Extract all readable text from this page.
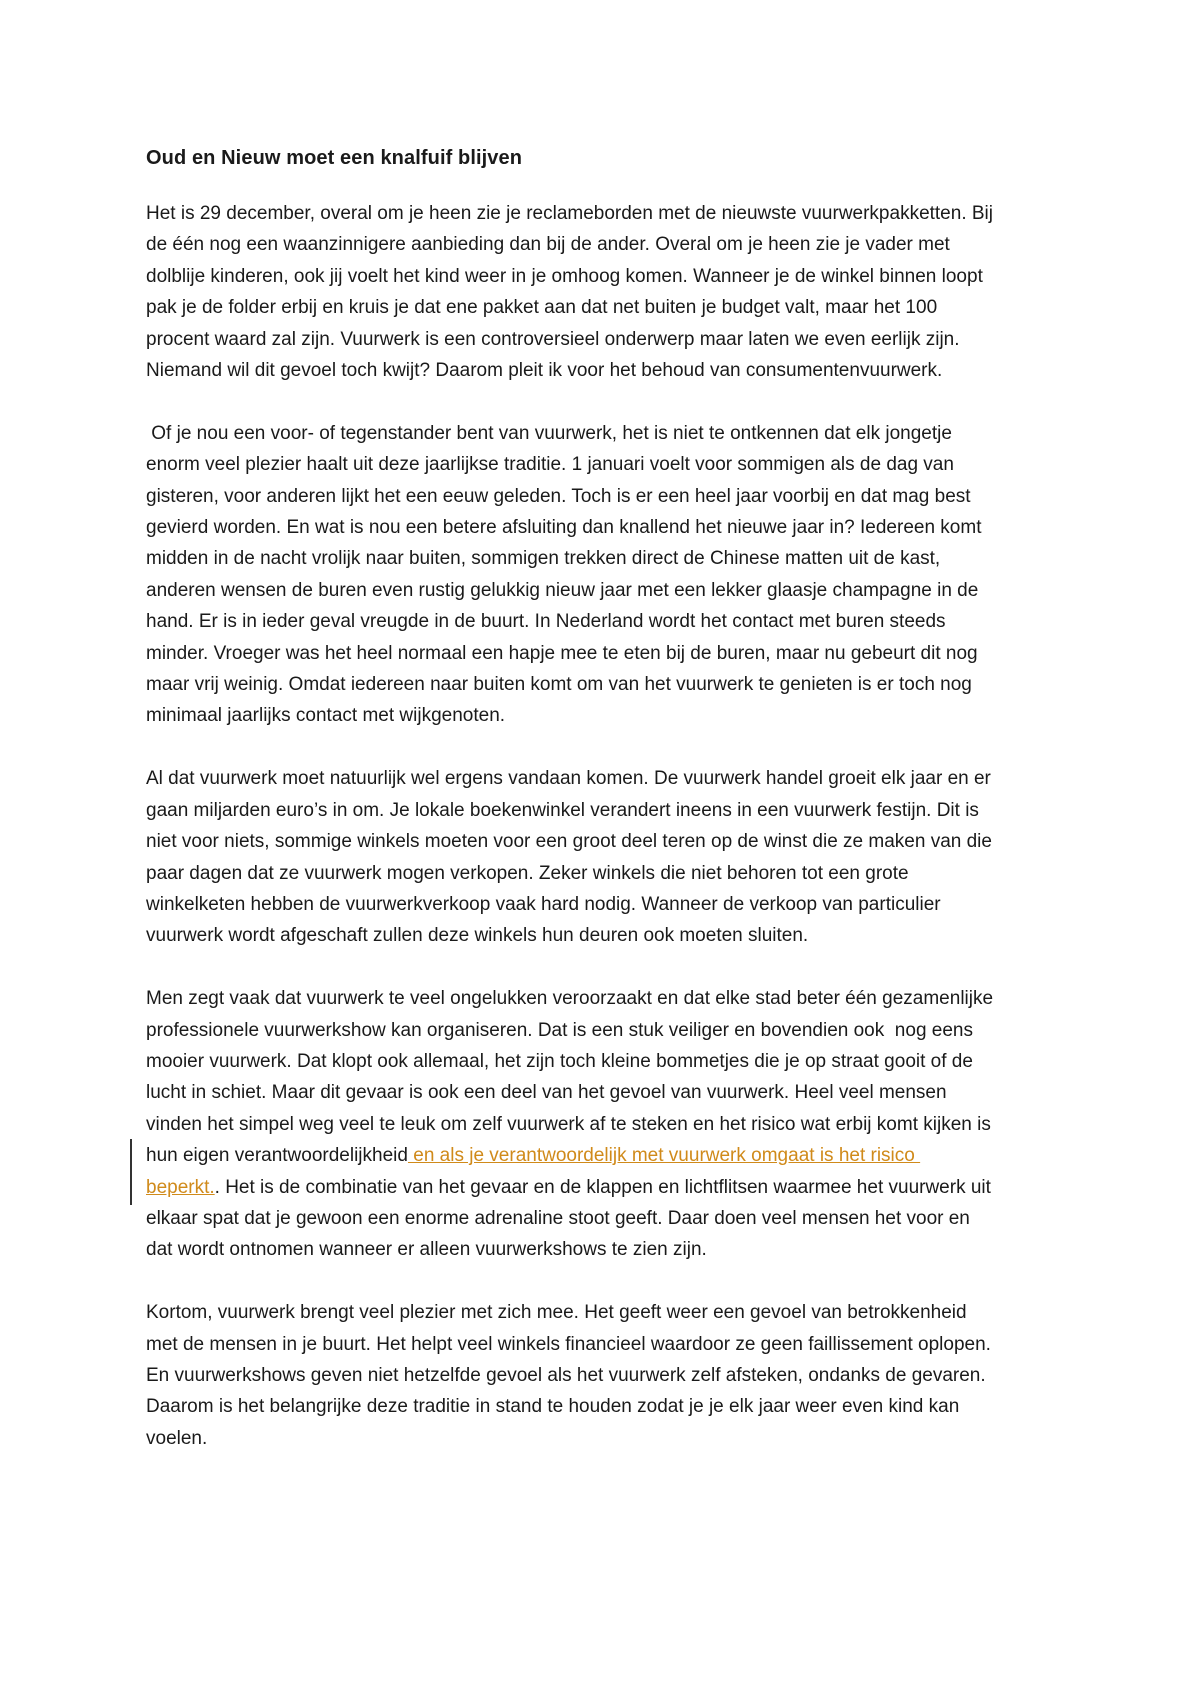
Oud en Nieuw moet een knalfuif blijven
Het is 29 december, overal om je heen zie je reclameborden met de nieuwste vuurwerkpakketten. Bij
de één nog een waanzinnigere aanbieding dan bij de ander. Overal om je heen zie je vader met
dolblije kinderen, ook jij voelt het kind weer in je omhoog komen. Wanneer je de winkel binnen loopt
pak je de folder erbij en kruis je dat ene pakket aan dat net buiten je budget valt, maar het 100
procent waard zal zijn. Vuurwerk is een controversieel onderwerp maar laten we even eerlijk zijn.
Niemand wil dit gevoel toch kwijt? Daarom pleit ik voor het behoud van consumentenvuurwerk.
Of je nou een voor- of tegenstander bent van vuurwerk, het is niet te ontkennen dat elk jongetje
enorm veel plezier haalt uit deze jaarlijkse traditie. 1 januari voelt voor sommigen als de dag van
gisteren, voor anderen lijkt het een eeuw geleden. Toch is er een heel jaar voorbij en dat mag best
gevierd worden. En wat is nou een betere afsluiting dan knallend het nieuwe jaar in? Iedereen komt
midden in de nacht vrolijk naar buiten, sommigen trekken direct de Chinese matten uit de kast,
anderen wensen de buren even rustig gelukkig nieuw jaar met een lekker glaasje champagne in de
hand. Er is in ieder geval vreugde in de buurt. In Nederland wordt het contact met buren steeds
minder. Vroeger was het heel normaal een hapje mee te eten bij de buren, maar nu gebeurt dit nog
maar vrij weinig. Omdat iedereen naar buiten komt om van het vuurwerk te genieten is er toch nog
minimaal jaarlijks contact met wijkgenoten.
Al dat vuurwerk moet natuurlijk wel ergens vandaan komen. De vuurwerk handel groeit elk jaar en er
gaan miljarden euro’s in om. Je lokale boekenwinkel verandert ineens in een vuurwerk festijn. Dit is
niet voor niets, sommige winkels moeten voor een groot deel teren op de winst die ze maken van die
paar dagen dat ze vuurwerk mogen verkopen. Zeker winkels die niet behoren tot een grote
winkelketen hebben de vuurwerkverkoop vaak hard nodig. Wanneer de verkoop van particulier
vuurwerk wordt afgeschaft zullen deze winkels hun deuren ook moeten sluiten.
Men zegt vaak dat vuurwerk te veel ongelukken veroorzaakt en dat elke stad beter één gezamenlijke
professionele vuurwerkshow kan organiseren. Dat is een stuk veiliger en bovendien ook  nog eens
mooier vuurwerk. Dat klopt ook allemaal, het zijn toch kleine bommetjes die je op straat gooit of de
lucht in schiet. Maar dit gevaar is ook een deel van het gevoel van vuurwerk. Heel veel mensen
vinden het simpel weg veel te leuk om zelf vuurwerk af te steken en het risico wat erbij komt kijken is
hun eigen verantwoordelijkheid en als je verantwoordelijk met vuurwerk omgaat is het risico
beperkt.. Het is de combinatie van het gevaar en de klappen en lichtflitsen waarmee het vuurwerk uit
elkaar spat dat je gewoon een enorme adrenaline stoot geeft. Daar doen veel mensen het voor en
dat wordt ontnomen wanneer er alleen vuurwerkshows te zien zijn.
Kortom, vuurwerk brengt veel plezier met zich mee. Het geeft weer een gevoel van betrokkenheid
met de mensen in je buurt. Het helpt veel winkels financieel waardoor ze geen faillissement oplopen.
En vuurwerkshows geven niet hetzelfde gevoel als het vuurwerk zelf afsteken, ondanks de gevaren.
Daarom is het belangrijke deze traditie in stand te houden zodat je je elk jaar weer even kind kan
voelen.
